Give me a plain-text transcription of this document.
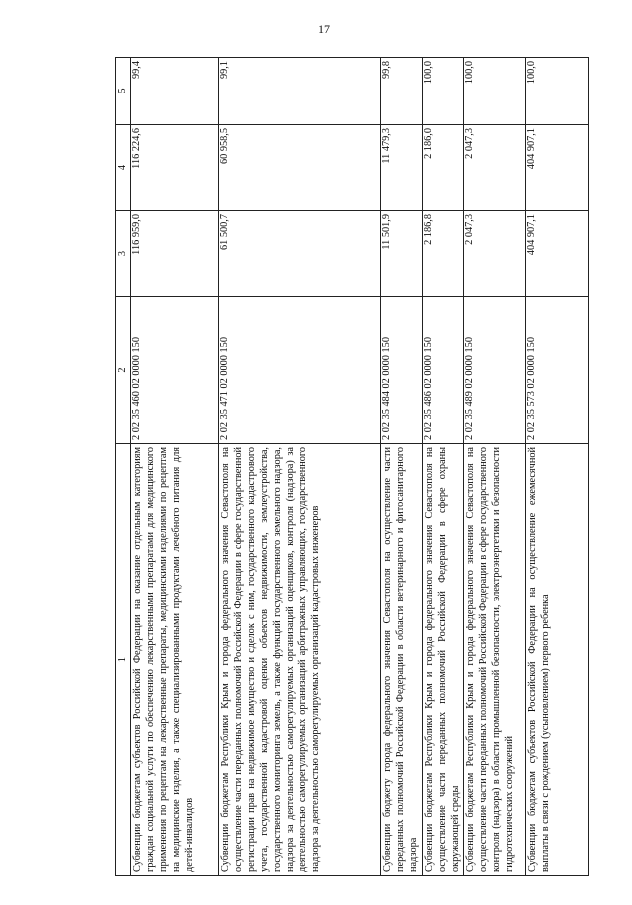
17
1	2	3	4	5
Субвенции бюджетам субъектов Российской Федерации на оказание отдельным категориям граждан социальной услуги по обеспечению лекарственными препаратами для медицинского применения по рецептам на лекарственные препараты, медицинскими изделиями по рецептам на медицинские изделия, а также специализированными продуктами лечебного питания для детей-инвалидов	2 02 35 460 02 0000 150	116 959,0	116 224,6	99,4
Субвенции бюджетам Республики Крым и города федерального значения Севастополя на осуществление части переданных полномочий Российской Федерации в сфере государственной регистрации прав на недвижимое имущество и сделок с ним, государственного кадастрового учета, государственной кадастровой оценки объектов недвижимости, землеустройства, государственного мониторинга земель, а также функций государственного земельного надзора, надзора за деятельностью саморегулируемых организаций оценщиков, контроля (надзора) за деятельностью саморегулируемых организаций арбитражных управляющих, государственного надзора за деятельностью саморегулируемых организаций кадастровых инженеров	2 02 35 471 02 0000 150	61 500,7	60 958,5	99,1
Субвенции бюджету города федерального значения Севастополя на осуществление части переданных полномочий Российской Федерации в области ветеринарного и фитосанитарного надзора	2 02 35 484 02 0000 150	11 501,9	11 479,3	99,8
Субвенции бюджетам Республики Крым и города федерального значения Севастополя на осуществление части переданных полномочий Российской Федерации в сфере охраны окружающей среды	2 02 35 486 02 0000 150	2 186,8	2 186,0	100,0
Субвенции бюджетам Республики Крым и города федерального значения Севастополя на осуществление части переданных полномочий Российской Федерации в сфере государственного контроля (надзора) в области промышленной безопасности, электроэнергетики и безопасности гидротехнических сооружений	2 02 35 489 02 0000 150	2 047,3	2 047,3	100,0
Субвенции бюджетам субъектов Российской Федерации на осуществление ежемесячной выплаты в связи с рождением (усыновлением) первого ребенка	2 02 35 573 02 0000 150	404 907,1	404 907,1	100,0
